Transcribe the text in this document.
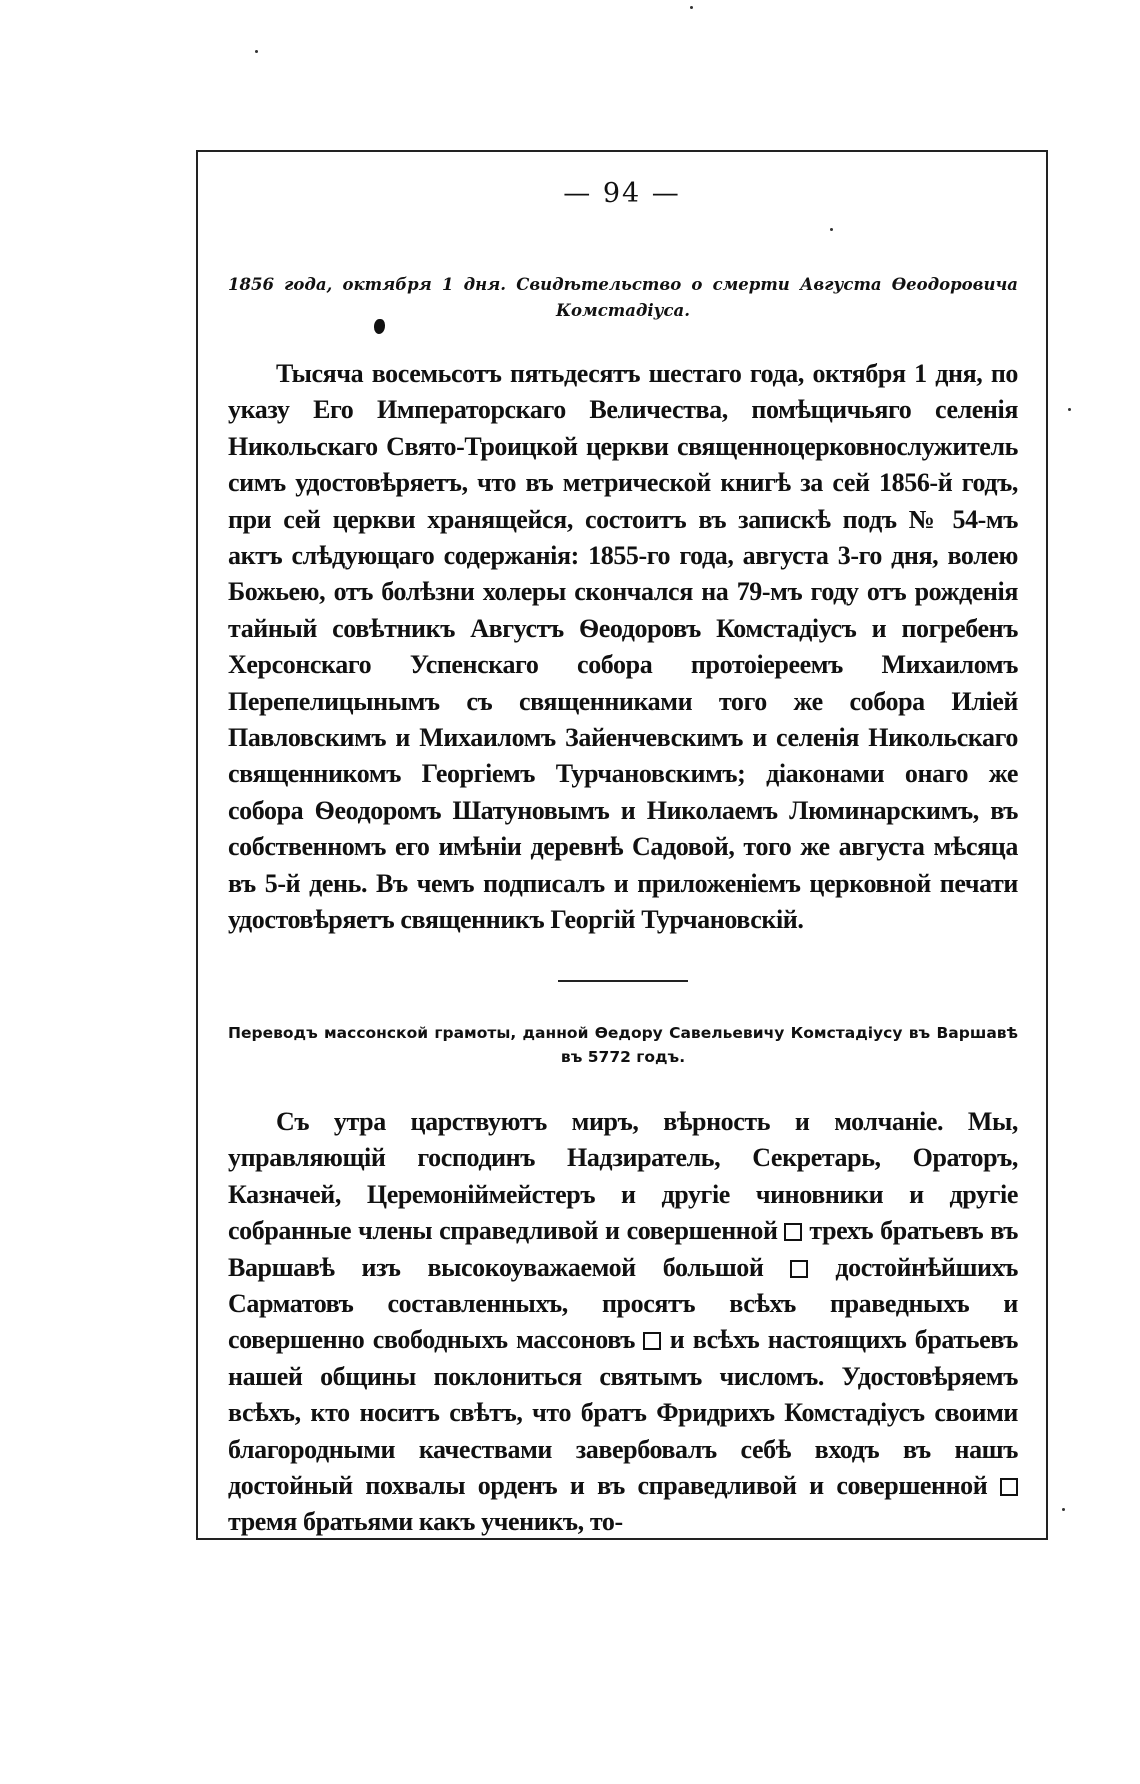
— 94 —
1856 года, октября 1 дня. Свидѣтельство о смерти Августа Ѳеодоровича Комстадіуса.
Тысяча восемьсотъ пятьдесятъ шестаго года, октября 1 дня, по указу Его Императорскаго Величества, помѣщичьяго селенія Никольскаго Свято-Троицкой церкви священноцерковнослужитель симъ удостовѣряетъ, что въ метрической книгѣ за сей 1856-й годъ, при сей церкви хранящейся, состоитъ въ запискѣ подъ № 54-мъ актъ слѣдующаго содержанія: 1855-го года, августа 3-го дня, волею Божьею, отъ болѣзни холеры скончался на 79-мъ году отъ рожденія тайный совѣтникъ Августъ Ѳеодоровъ Комстадіусъ и погребенъ Херсонскаго Успенскаго собора протоіереемъ Михаиломъ Перепелицынымъ съ священниками того же собора Иліей Павловскимъ и Михаиломъ Зайенчевскимъ и селенія Никольскаго священникомъ Георгіемъ Турчановскимъ; діаконами онаго же собора Ѳеодоромъ Шатуновымъ и Николаемъ Люминарскимъ, въ собственномъ его имѣніи деревнѣ Садовой, того же августа мѣсяца въ 5-й день. Въ чемъ подписалъ и приложеніемъ церковной печати удостовѣряетъ священникъ Георгій Турчановскій.
Переводъ массонской грамоты, данной Ѳедору Савельевичу Комстадіусу въ Варшавѣ въ 5772 годъ.
Съ утра царствуютъ миръ, вѣрность и молчаніе. Мы, управляющій господинъ Надзиратель, Секретарь, Ораторъ, Казначей, Церемоніймейстеръ и другіе чиновники и другіе собранные члены справедливой и совершенной трехъ братьевъ въ Варшавѣ изъ высокоуважаемой большой	достойнѣйшихъ Сарматовъ составленныхъ, просятъ всѣхъ праведныхъ и совершенно свободныхъ массоновъ и всѣхъ настоящихъ братьевъ нашей общины поклониться святымъ числомъ. Удостовѣряемъ всѣхъ, кто носитъ свѣтъ, что братъ Фридрихъ Комстадіусъ своими благородными качествами завербовалъ себѣ входъ въ нашъ достойный похвалы орденъ и въ справедливой и совершенной  тремя братьями какъ ученикъ, то-
